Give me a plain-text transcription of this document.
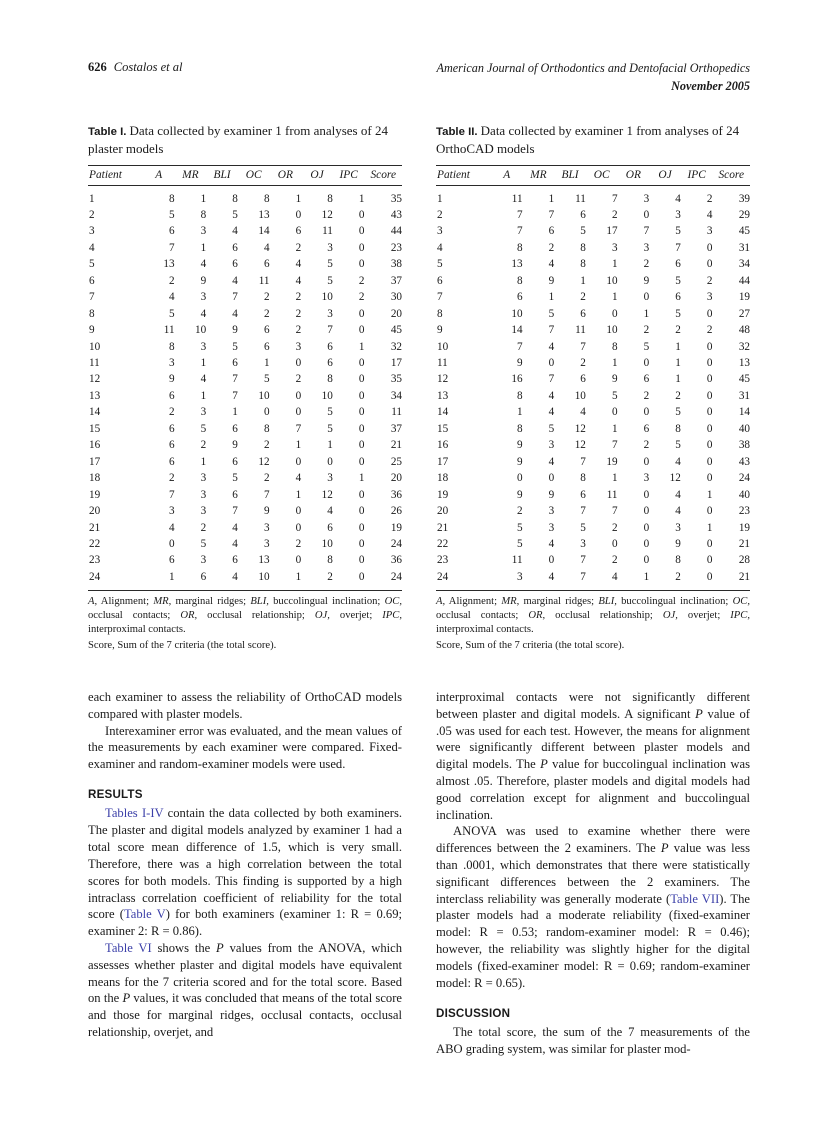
626 Costalos et al	American Journal of Orthodontics and Dentofacial Orthopedics
November 2005
Table I. Data collected by examiner 1 from analyses of 24 plaster models
Patient	A	MR	BLI	OC	OR	OJ	IPC	Score
1	8	1	8	8	1	8	1	35
2	5	8	5	13	0	12	0	43
3	6	3	4	14	6	11	0	44
4	7	1	6	4	2	3	0	23
5	13	4	6	6	4	5	0	38
6	2	9	4	11	4	5	2	37
7	4	3	7	2	2	10	2	30
8	5	4	4	2	2	3	0	20
9	11	10	9	6	2	7	0	45
10	8	3	5	6	3	6	1	32
11	3	1	6	1	0	6	0	17
12	9	4	7	5	2	8	0	35
13	6	1	7	10	0	10	0	34
14	2	3	1	0	0	5	0	11
15	6	5	6	8	7	5	0	37
16	6	2	9	2	1	1	0	21
17	6	1	6	12	0	0	0	25
18	2	3	5	2	4	3	1	20
19	7	3	6	7	1	12	0	36
20	3	3	7	9	0	4	0	26
21	4	2	4	3	0	6	0	19
22	0	5	4	3	2	10	0	24
23	6	3	6	13	0	8	0	36
24	1	6	4	10	1	2	0	24
A, Alignment; MR, marginal ridges; BLI, buccolingual inclination; OC, occlusal contacts; OR, occlusal relationship; OJ, overjet; IPC, interproximal contacts.
Score, Sum of the 7 criteria (the total score).

each examiner to assess the reliability of OrthoCAD models compared with plaster models.

Interexaminer error was evaluated, and the mean values of the measurements by each examiner were compared. Fixed-examiner and random-examiner models were used.

RESULTS

Tables I-IV contain the data collected by both examiners. The plaster and digital models analyzed by examiner 1 had a total score mean difference of 1.5, which is very small. Therefore, there was a high correlation between the total scores for both models. This finding is supported by a high intraclass correlation coefficient of reliability for the total score (Table V) for both examiners (examiner 1: R = 0.69; examiner 2: R = 0.86).

Table VI shows the P values from the ANOVA, which assesses whether plaster and digital models have equivalent means for the 7 criteria scored and for the total score. Based on the P values, it was concluded that means of the total score and those for marginal ridges, occlusal contacts, occlusal relationship, overjet, and

Table II. Data collected by examiner 1 from analyses of 24 OrthoCAD models
Patient	A	MR	BLI	OC	OR	OJ	IPC	Score
1	11	1	11	7	3	4	2	39
2	7	7	6	2	0	3	4	29
3	7	6	5	17	7	5	3	45
4	8	2	8	3	3	7	0	31
5	13	4	8	1	2	6	0	34
6	8	9	1	10	9	5	2	44
7	6	1	2	1	0	6	3	19
8	10	5	6	0	1	5	0	27
9	14	7	11	10	2	2	2	48
10	7	4	7	8	5	1	0	32
11	9	0	2	1	0	1	0	13
12	16	7	6	9	6	1	0	45
13	8	4	10	5	2	2	0	31
14	1	4	4	0	0	5	0	14
15	8	5	12	1	6	8	0	40
16	9	3	12	7	2	5	0	38
17	9	4	7	19	0	4	0	43
18	0	0	8	1	3	12	0	24
19	9	9	6	11	0	4	1	40
20	2	3	7	7	0	4	0	23
21	5	3	5	2	0	3	1	19
22	5	4	3	0	0	9	0	21
23	11	0	7	2	0	8	0	28
24	3	4	7	4	1	2	0	21
A, Alignment; MR, marginal ridges; BLI, buccolingual inclination; OC, occlusal contacts; OR, occlusal relationship; OJ, overjet; IPC, interproximal contacts.
Score, Sum of the 7 criteria (the total score).

interproximal contacts were not significantly different between plaster and digital models. A significant P value of .05 was used for each test. However, the means for alignment were significantly different between plaster models and digital models. The P value for buccolingual inclination was almost .05. Therefore, plaster models and digital models had good correlation except for alignment and buccolingual inclination.

ANOVA was used to examine whether there were differences between the 2 examiners. The P value was less than .0001, which demonstrates that there were statistically significant differences between the 2 examiners. The interclass reliability was generally moderate (Table VII). The plaster models had a moderate reliability (fixed-examiner model: R = 0.53; random-examiner model: R = 0.46); however, the reliability was slightly higher for the digital models (fixed-examiner model: R = 0.69; random-examiner model: R = 0.65).

DISCUSSION

The total score, the sum of the 7 measurements of the ABO grading system, was similar for plaster mod-
